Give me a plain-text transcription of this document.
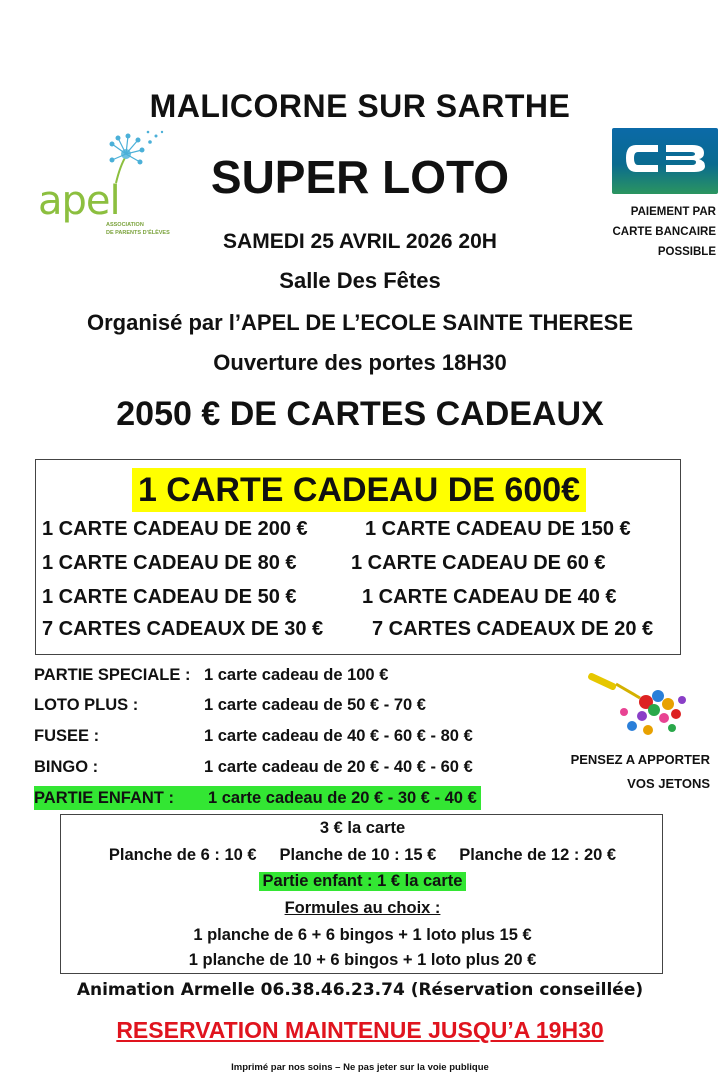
MALICORNE SUR SARTHE
SUPER LOTO
SAMEDI 25 AVRIL 2026 20H
Salle Des Fêtes
Organisé par l’APEL DE L’ECOLE SAINTE THERESE
Ouverture des portes 18H30
2050 € DE CARTES CADEAUX
apel
ASSOCIATION
DE PARENTS D’ÉLÈVES
PAIEMENT PAR
CARTE BANCAIRE
POSSIBLE
1 CARTE CADEAU DE 600€
1 CARTE CADEAU DE 200 €	1 CARTE CADEAU DE 150 €
1 CARTE CADEAU DE 80 €	1 CARTE CADEAU DE 60 €
1 CARTE CADEAU DE 50 €	1 CARTE CADEAU DE 40 €
7 CARTES CADEAUX DE 30 € 7 CARTES CADEAUX DE 20 €
PARTIE SPECIALE : 1 carte cadeau de 100 €
LOTO PLUS :	1 carte cadeau de 50 € - 70 €
FUSEE :	1 carte cadeau de 40 € - 60 € - 80 €
BINGO :	1 carte cadeau de 20 € - 40 € - 60 €
PARTIE ENFANT : 1 carte cadeau de 20 € - 30 € - 40 €
PENSEZ A APPORTER
VOS JETONS
3 € la carte
Planche de 6 : 10 €     Planche de 10 : 15 €     Planche de 12 : 20 €
Partie enfant : 1 € la carte
Formules au choix :
1 planche de 6 + 6 bingos + 1 loto plus 15 €
1 planche de 10 + 6 bingos + 1 loto plus 20 €
Animation Armelle 06.38.46.23.74 (Réservation conseillée)
RESERVATION MAINTENUE JUSQU’A 19H30
Imprimé par nos soins – Ne pas jeter sur la voie publique
